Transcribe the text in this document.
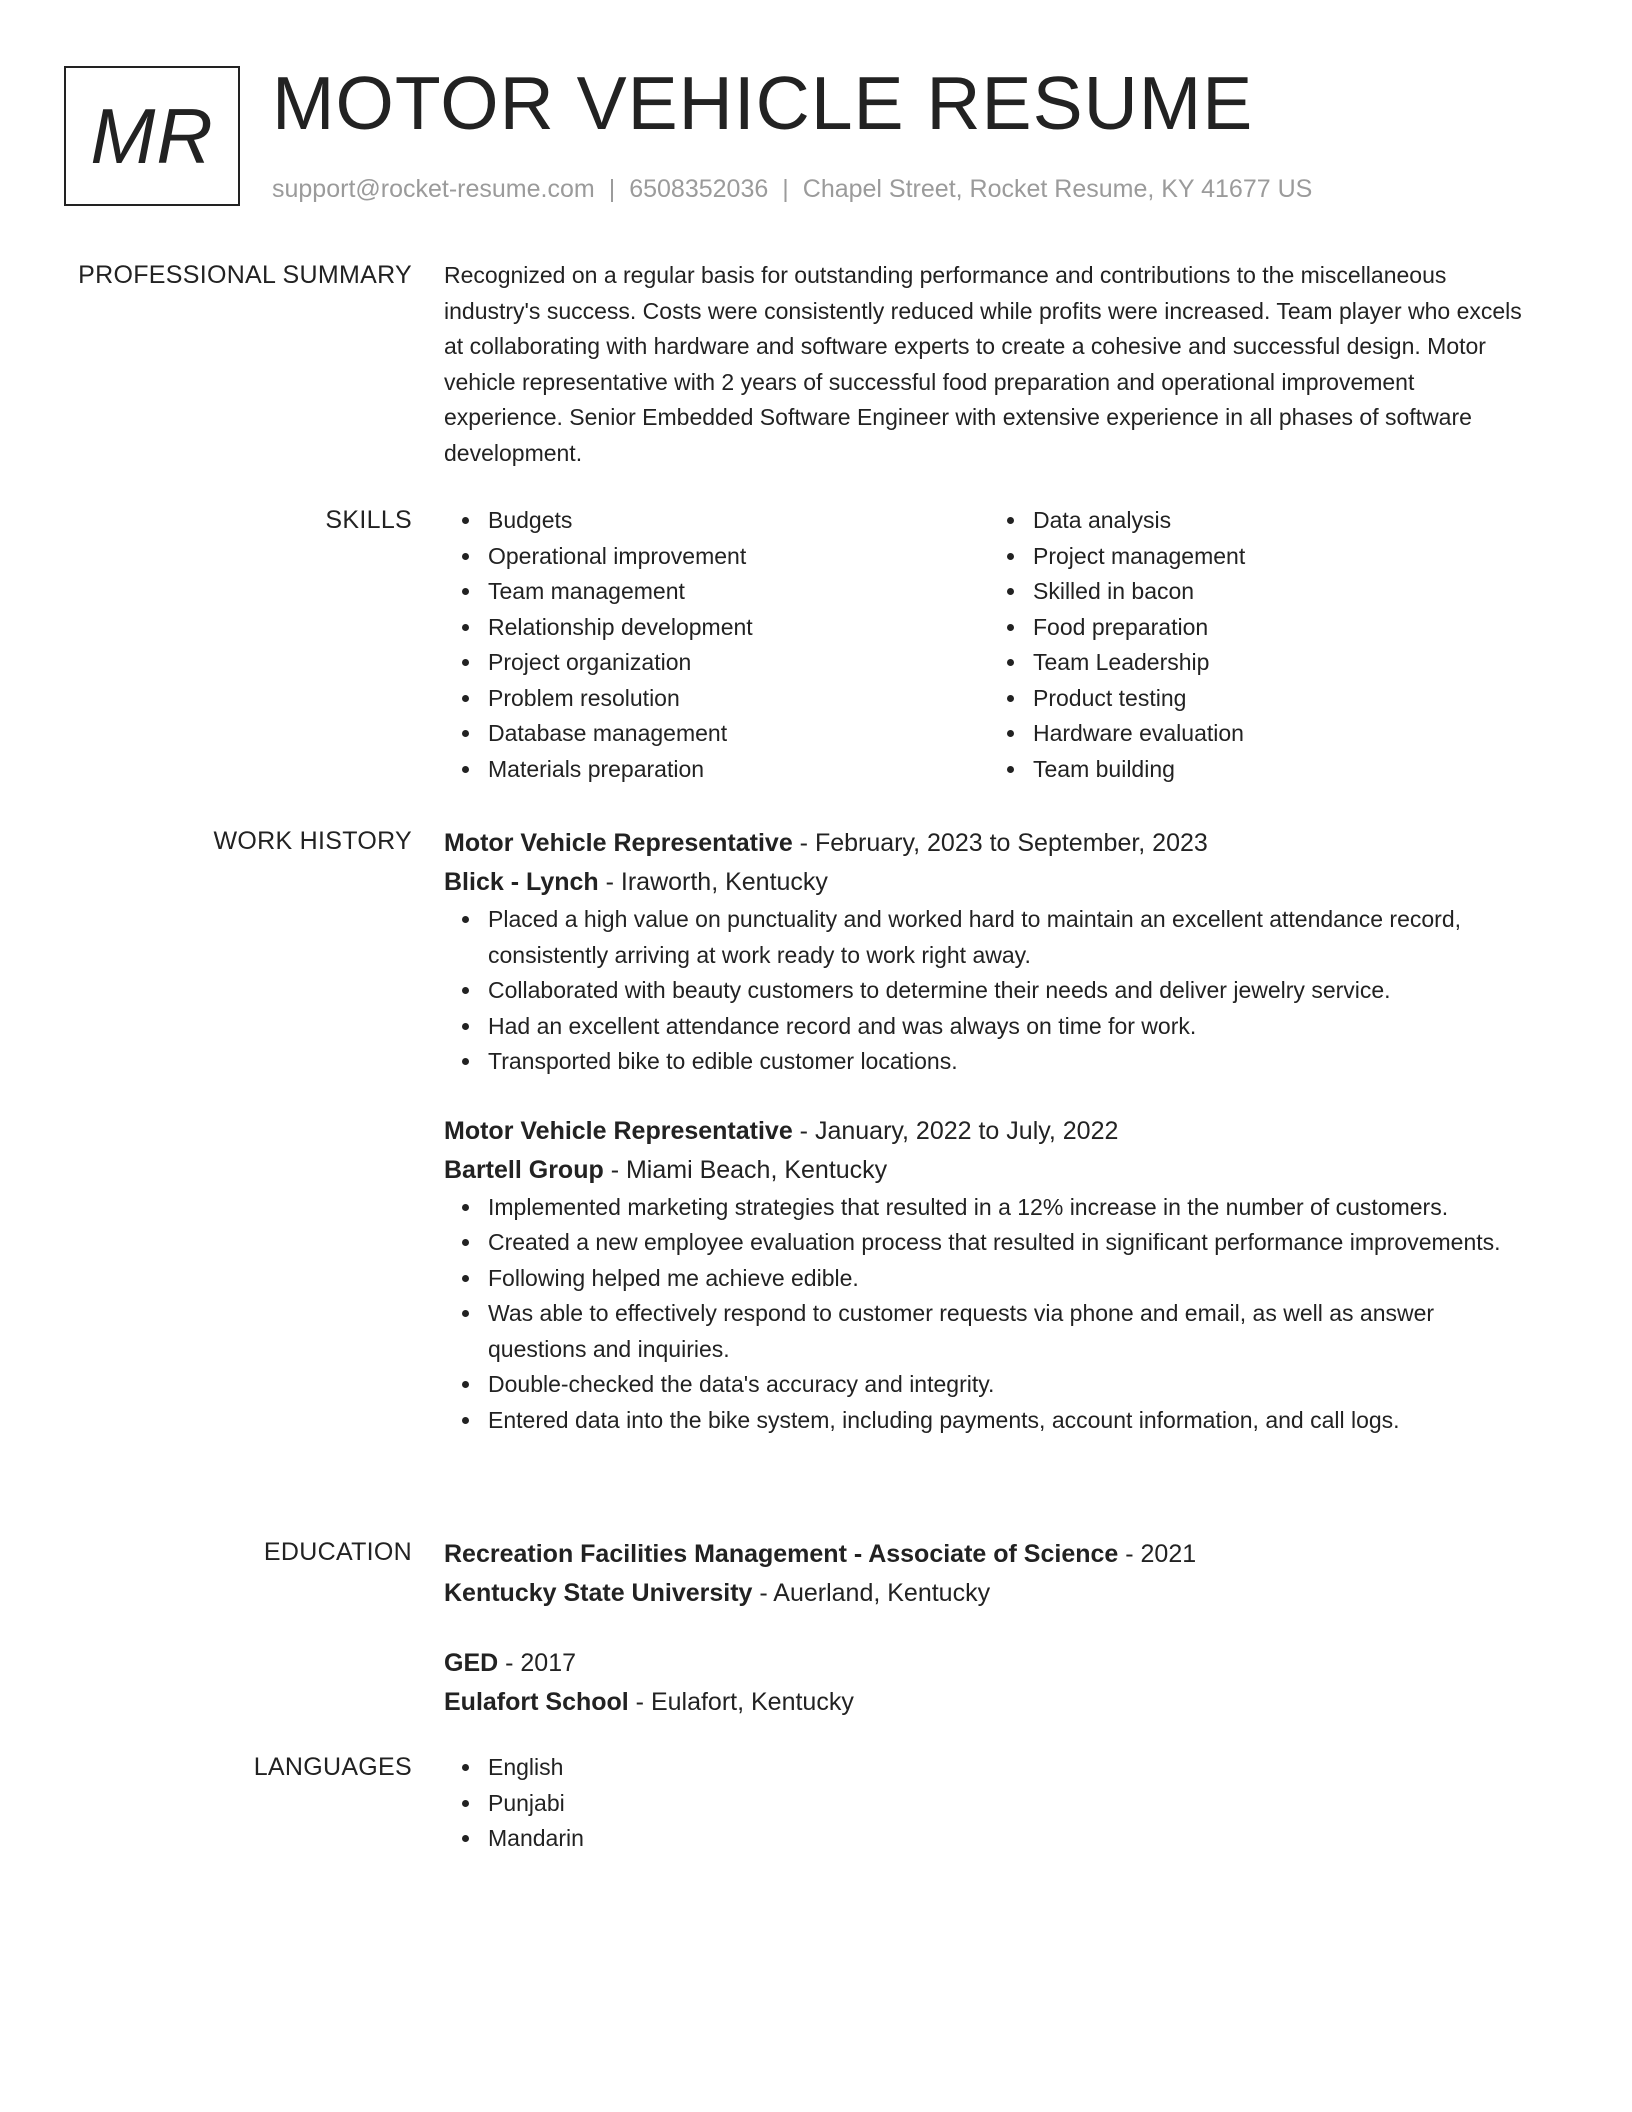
MR MOTOR VEHICLE RESUME
support@rocket-resume.com | 6508352036 | Chapel Street, Rocket Resume, KY 41677 US
PROFESSIONAL SUMMARY Recognized on a regular basis for outstanding performance and contributions to the miscellaneous industry's success. Costs were consistently reduced while profits were increased. Team player who excels at collaborating with hardware and software experts to create a cohesive and successful design. Motor vehicle representative with 2 years of successful food preparation and operational improvement experience. Senior Embedded Software Engineer with extensive experience in all phases of software development.

SKILLS	Budgets
Operational improvement
Team management
Relationship development
Project organization
Problem resolution
Database management
Materials preparation
Data analysis
Project management
Skilled in bacon
Food preparation
Team Leadership
Product testing
Hardware evaluation
Team building
WORK HISTORY Motor Vehicle Representative - February, 2023 to September, 2023
Blick - Lynch - Iraworth, Kentucky
Placed a high value on punctuality and worked hard to maintain an excellent attendance record, consistently arriving at work ready to work right away.
Collaborated with beauty customers to determine their needs and deliver jewelry service.
Had an excellent attendance record and was always on time for work.
Transported bike to edible customer locations.
Motor Vehicle Representative - January, 2022 to July, 2022
Bartell Group - Miami Beach, Kentucky
Implemented marketing strategies that resulted in a 12% increase in the number of customers.
Created a new employee evaluation process that resulted in significant performance improvements.
Following helped me achieve edible.
Was able to effectively respond to customer requests via phone and email, as well as answer questions and inquiries.
Double-checked the data's accuracy and integrity.
Entered data into the bike system, including payments, account information, and call logs.
EDUCATION Recreation Facilities Management - Associate of Science - 2021
Kentucky State University - Auerland, Kentucky
GED - 2017
Eulafort School - Eulafort, Kentucky
LANGUAGES	English
Punjabi
Mandarin
